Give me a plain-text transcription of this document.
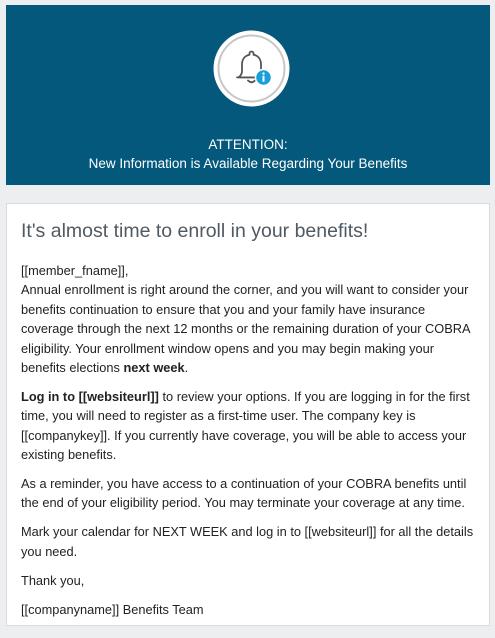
ATTENTION:
New Information is Available Regarding Your Benefits
It's almost time to enroll in your benefits!

[[member_fname]],
Annual enrollment is right around the corner, and you will want to consider your benefits continuation to ensure that you and your family have insurance coverage through the next 12 months or the remaining duration of your COBRA eligibility. Your enrollment window opens and you may begin making your benefits elections next week.

Log in to [[websiteurl]] to review your options. If you are logging in for the first time, you will need to register as a first-time user. The company key is [[companykey]]. If you currently have coverage, you will be able to access your existing benefits.

As a reminder, you have access to a continuation of your COBRA benefits until the end of your eligibility period. You may terminate your coverage at any time.

Mark your calendar for NEXT WEEK and log in to [[websiteurl]] for all the details you need.

Thank you,

[[companyname]] Benefits Team
